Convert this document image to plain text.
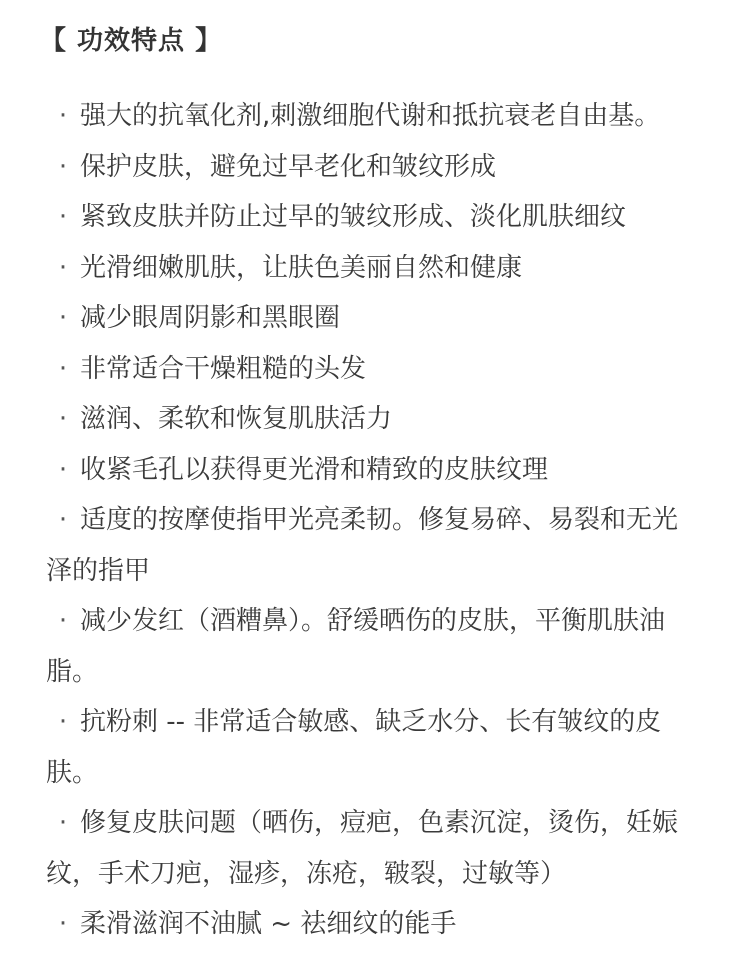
【 功效特点 】
· 强大的抗氧化剂,刺激细胞代谢和抵抗衰老自由基。
· 保护皮肤，避免过早老化和皱纹形成
· 紧致皮肤并防止过早的皱纹形成、淡化肌肤细纹
· 光滑细嫩肌肤，让肤色美丽自然和健康
· 减少眼周阴影和黑眼圈
· 非常适合干燥粗糙的头发
· 滋润、柔软和恢复肌肤活力
· 收紧毛孔以获得更光滑和精致的皮肤纹理
· 适度的按摩使指甲光亮柔韧。修复易碎、易裂和无光泽的指甲
· 减少发红（酒糟鼻）。舒缓晒伤的皮肤，平衡肌肤油脂。
· 抗粉刺 -- 非常适合敏感、缺乏水分、长有皱纹的皮肤。
· 修复皮肤问题（晒伤，痘疤，色素沉淀，烫伤，妊娠纹，手术刀疤，湿疹，冻疮，皲裂，过敏等）
· 柔滑滋润不油腻 ~ 祛细纹的能手
